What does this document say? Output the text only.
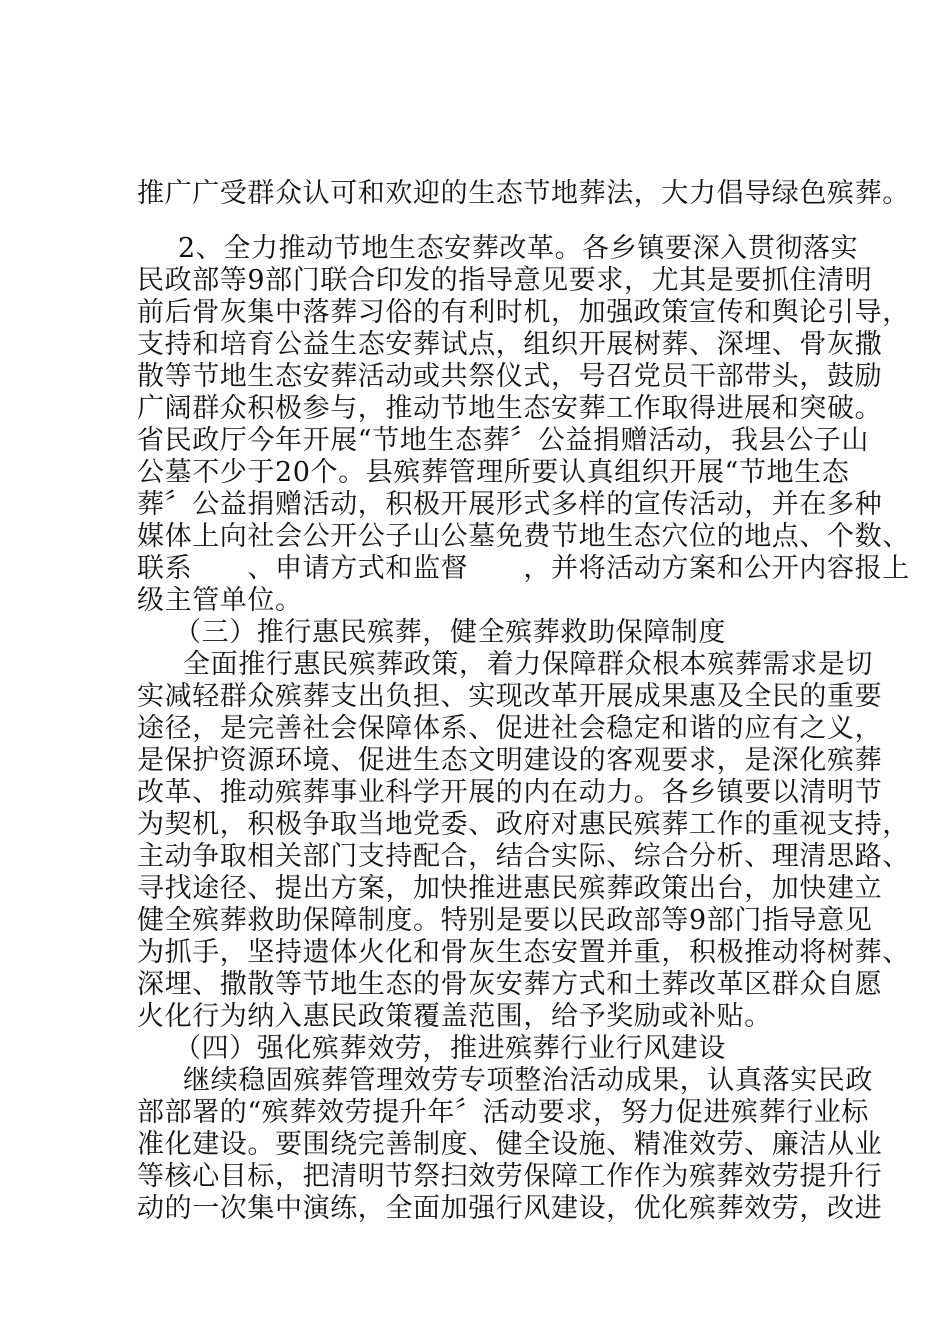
推广广受群众认可和欢迎的生态节地葬法，大力倡导绿色殡葬。
2、全力推动节地生态安葬改革。各乡镇要深入贯彻落实
民政部等9部门联合印发的指导意见要求，尤其是要抓住清明
前后骨灰集中落葬习俗的有利时机，加强政策宣传和舆论引导，
支持和培育公益生态安葬试点，组织开展树葬、深埋、骨灰撒
散等节地生态安葬活动或共祭仪式，号召党员干部带头，鼓励
广阔群众积极参与，推动节地生态安葬工作取得进展和突破。
省民政厅今年开展“节地生态葬〞公益捐赠活动，我县公子山
公墓不少于20个。县殡葬管理所要认真组织开展“节地生态
葬〞公益捐赠活动，积极开展形式多样的宣传活动，并在多种
媒体上向社会公开公子山公墓免费节地生态穴位的地点、个数、
联系　　、申请方式和监督　　，并将活动方案和公开内容报上
级主管单位。
（三）推行惠民殡葬，健全殡葬救助保障制度
全面推行惠民殡葬政策，着力保障群众根本殡葬需求是切
实减轻群众殡葬支出负担、实现改革开展成果惠及全民的重要
途径，是完善社会保障体系、促进社会稳定和谐的应有之义，
是保护资源环境、促进生态文明建设的客观要求，是深化殡葬
改革、推动殡葬事业科学开展的内在动力。各乡镇要以清明节
为契机，积极争取当地党委、政府对惠民殡葬工作的重视支持，
主动争取相关部门支持配合，结合实际、综合分析、理清思路、
寻找途径、提出方案，加快推进惠民殡葬政策出台，加快建立
健全殡葬救助保障制度。特别是要以民政部等9部门指导意见
为抓手，坚持遗体火化和骨灰生态安置并重，积极推动将树葬、
深埋、撒散等节地生态的骨灰安葬方式和土葬改革区群众自愿
火化行为纳入惠民政策覆盖范围，给予奖励或补贴。
（四）强化殡葬效劳，推进殡葬行业行风建设
继续稳固殡葬管理效劳专项整治活动成果，认真落实民政
部部署的“殡葬效劳提升年〞活动要求，努力促进殡葬行业标
准化建设。要围绕完善制度、健全设施、精准效劳、廉洁从业
等核心目标，把清明节祭扫效劳保障工作作为殡葬效劳提升行
动的一次集中演练，全面加强行风建设，优化殡葬效劳，改进
